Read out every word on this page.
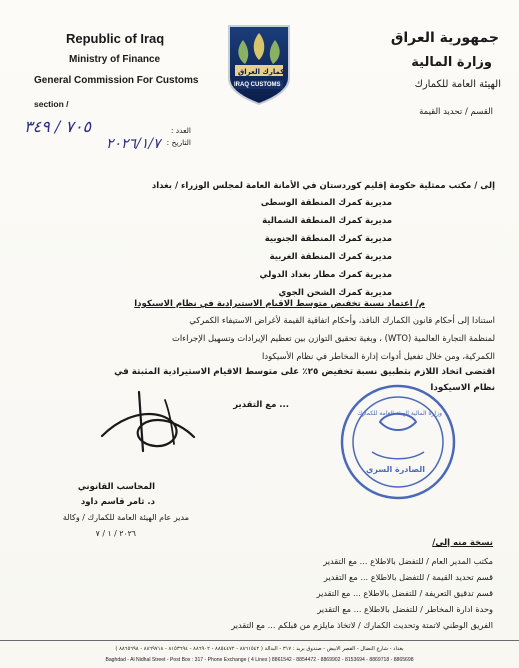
Republic of Iraq
Ministry of Finance
General Commission For Customs
section /
جمهورية العراق
وزارة المالية
الهيئة العامة للكمارك
القسم / تحديد القيمة
كمارك العراق
IRAQ CUSTOMS
العدد :
التاريخ :
٧٠٥ / ٣٤٩
٢٠٢٦/١/٧
إلى / مكتب ممثلية حكومة إقليم كوردستان في الأمانة العامة لمجلس الوزراء / بغداد
مديرية كمرك المنطقة الوسطى
مديرية كمرك المنطقة الشمالية
مديرية كمرك المنطقة الجنوبية
مديرية كمرك المنطقة الغربية
مديرية كمرك مطار بغداد الدولي
مديرية كمرك الشحن الجوي
م/ اعتماد نسبة تخفيض متوسط الاقيام الاستيرادية في نظام الاسيكودا
استنادا إلى أحكام قانون الكمارك النافذ، وأحكام اتفاقية القيمة لأغراض الاستيفاء الكمركي
لمنظمة التجارة العالمية (WTO) ، وبغية تحقيق التوازن بين تعظيم الإيرادات وتسهيل الإجراءات
الكمركية، ومن خلال تفعيل أدوات إدارة المخاطر في نظام الأسيكودا
اقتضى اتخاذ اللازم بتطبيق نسبة تخفيض ٢٥٪ على متوسط الاقيام الاستيرادية المثبتة في
نظام الاسيكودا
... مع التقدير
المحاسب القانوني
د. ثامر قاسم داود
مدير عام الهيئة العامة للكمارك / وكالة
٢٠٢٦ / ١ / ٧
الصادرة السري
وزارة المالية الهيئة العامة للكمارك
نسخة منه إلى/
مكتب المدير العام / للتفضل بالاطلاع ... مع التقدير
قسم تحديد القيمة / للتفضل بالاطلاع ... مع التقدير
قسم تدقيق التعريفة / للتفضل بالاطلاع ... مع التقدير
وحدة ادارة المخاطر / للتفضل بالاطلاع ... مع التقدير
الفريق الوطني لاتمتة وتحديث الكمارك / لاتخاذ مايلزم من قبلكم ... مع التقدير
بغداد - شارع النضال - القصر الابيض - صندوق بريد : ٣١٧ - البدالة ( ٨٨٦١٥٤٢ - ٨٨٥٤٤٧٢ - ٨٨٦٩٠٢ - ٨١٥٣٦٩٤ - ٨٨٦٩٧١٨ - ٨٨٦٥٦٩٨ )
Baghdad - Al Nidhal Street - Post Box : 317 - Phone Exchange ( 4 Lines ) 8861542 - 8854472 - 8869902 - 8153694 - 8869718 - 8865698
